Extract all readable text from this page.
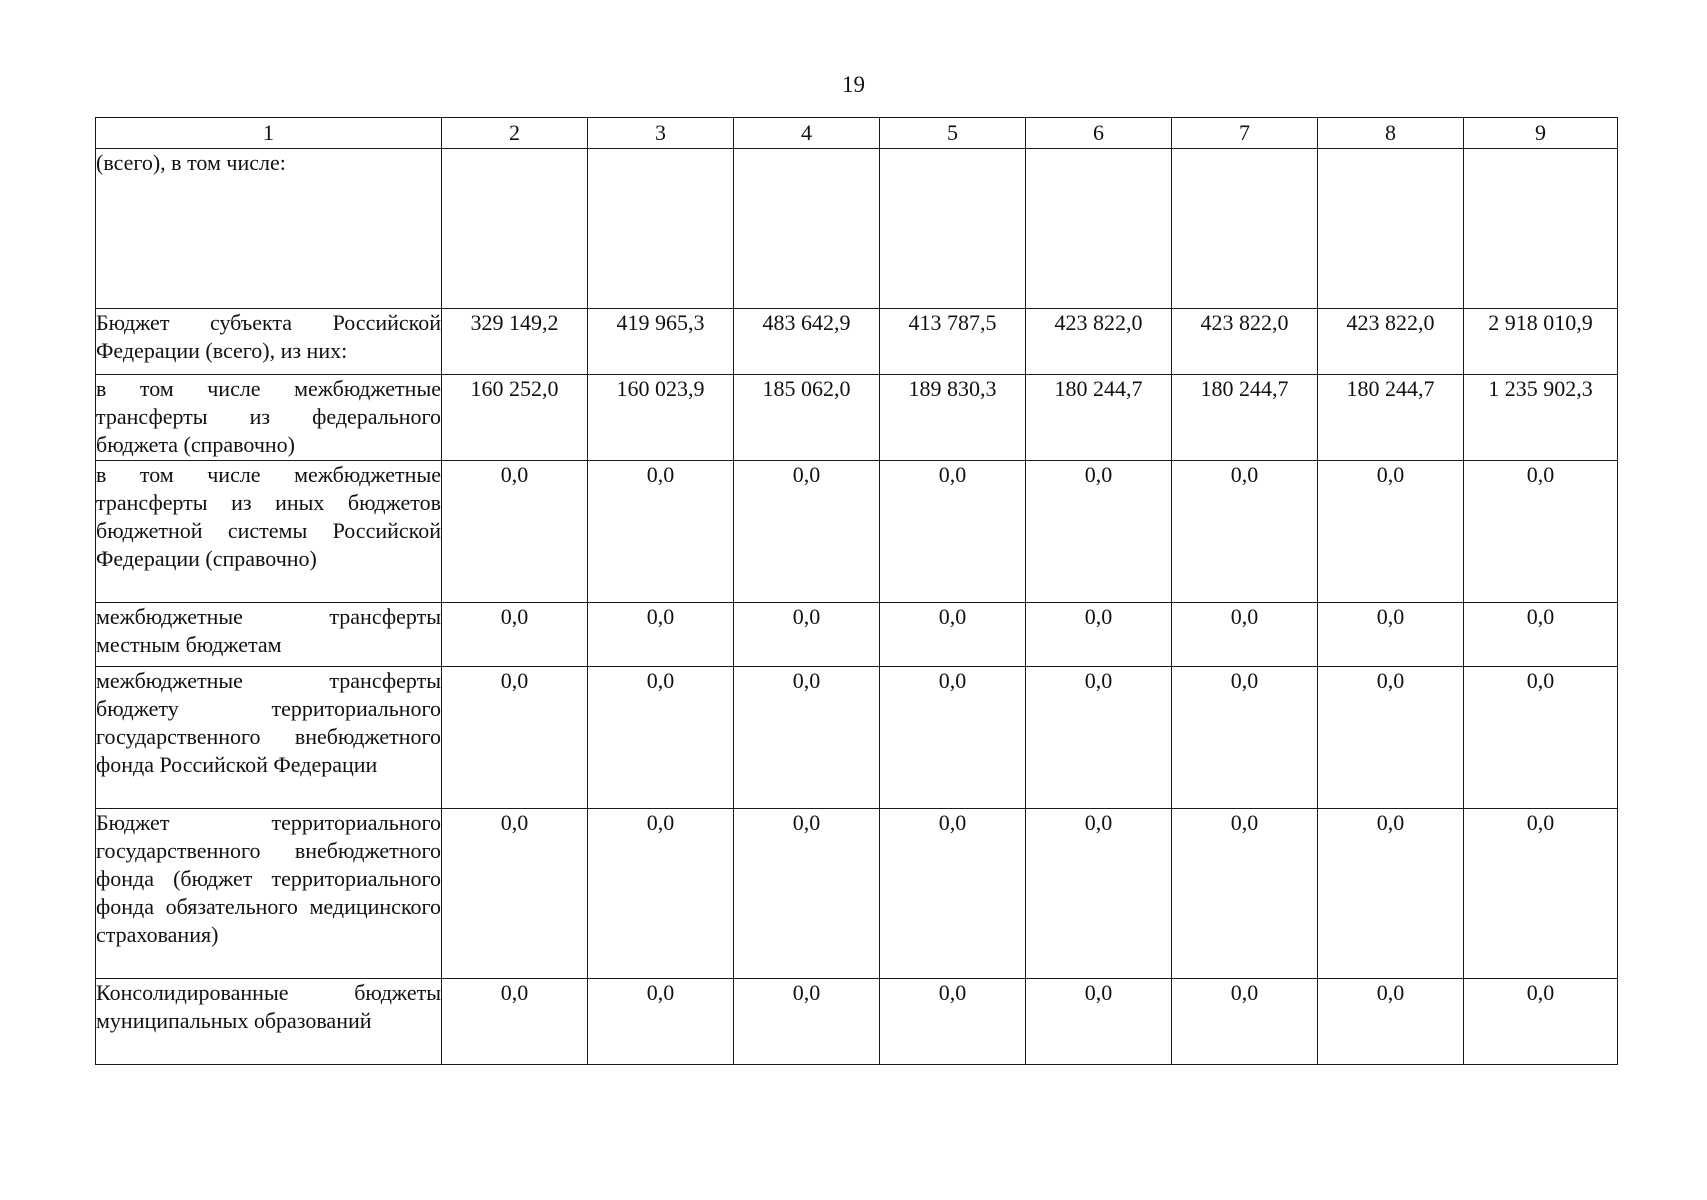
19
1	2	3	4	5	6	7	8	9
(всего), в том числе:								
Бюджет субъекта Российской Федерации (всего), из них:	329 149,2	419 965,3	483 642,9	413 787,5	423 822,0	423 822,0	423 822,0	2 918 010,9
в том числе межбюджетные трансферты из федерального бюджета (справочно)	160 252,0	160 023,9	185 062,0	189 830,3	180 244,7	180 244,7	180 244,7	1 235 902,3
в том числе межбюджетные трансферты из иных бюджетов бюджетной системы Российской Федерации (справочно)	0,0	0,0	0,0	0,0	0,0	0,0	0,0	0,0
межбюджетные трансферты местным бюджетам	0,0	0,0	0,0	0,0	0,0	0,0	0,0	0,0
межбюджетные трансферты бюджету территориального государственного внебюджетного фонда Российской Федерации	0,0	0,0	0,0	0,0	0,0	0,0	0,0	0,0
Бюджет территориального государственного внебюджетного фонда (бюджет территориального фонда обязательного медицинского страхования)	0,0	0,0	0,0	0,0	0,0	0,0	0,0	0,0
Консолидированные бюджеты муниципальных образований	0,0	0,0	0,0	0,0	0,0	0,0	0,0	0,0
